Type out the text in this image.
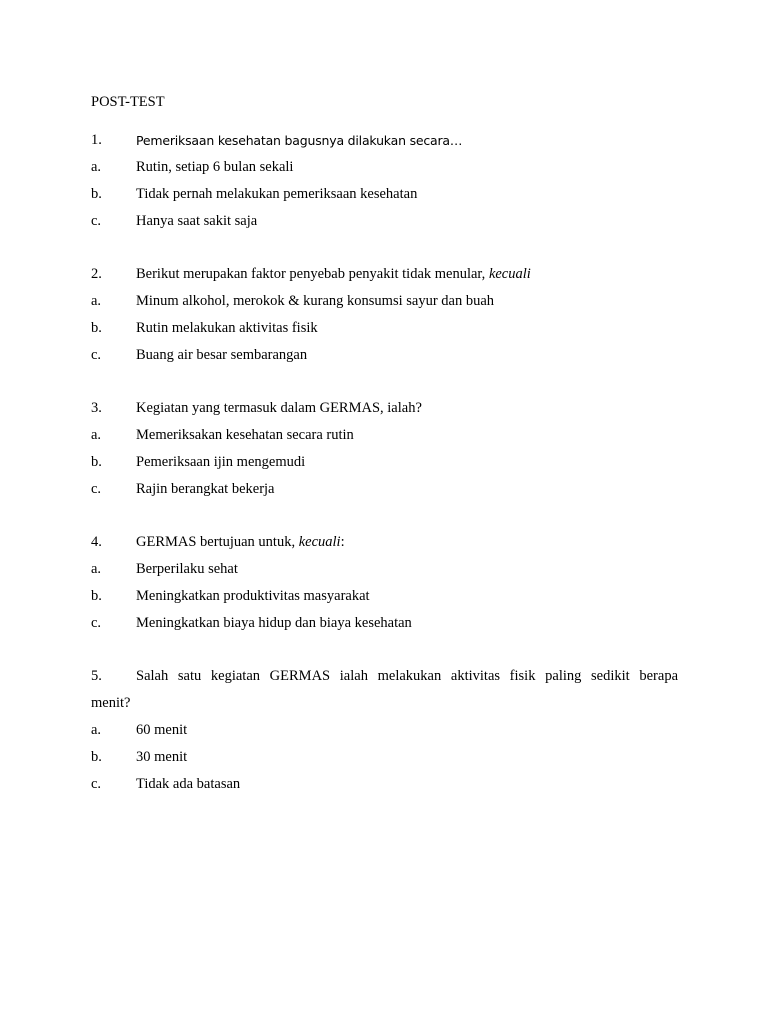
POST-TEST
1.	Pemeriksaan kesehatan bagusnya dilakukan secara…
a.	Rutin, setiap 6 bulan sekali
b.	Tidak pernah melakukan pemeriksaan kesehatan
c.	Hanya saat sakit saja
2.	Berikut merupakan faktor penyebab penyakit tidak menular, kecuali
a.	Minum alkohol, merokok & kurang konsumsi sayur dan buah
b.	Rutin melakukan aktivitas fisik
c.	Buang air besar sembarangan
3.	Kegiatan yang termasuk dalam GERMAS, ialah?
a.	Memeriksakan kesehatan secara rutin
b.	Pemeriksaan ijin mengemudi
c.	Rajin berangkat bekerja
4.	GERMAS bertujuan untuk, kecuali:
a.	Berperilaku sehat
b.	Meningkatkan produktivitas masyarakat
c.	Meningkatkan biaya hidup dan biaya kesehatan
5.	Salah satu kegiatan GERMAS ialah melakukan aktivitas fisik paling sedikit berapa
menit?
a.	60 menit
b.	30 menit
c.	Tidak ada batasan
